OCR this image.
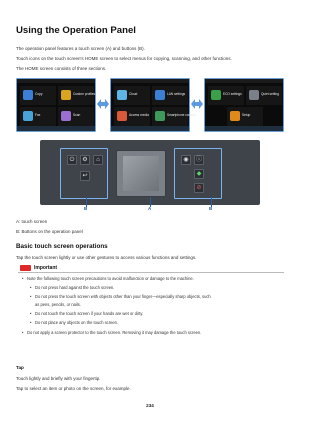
Using the Operation Panel

The operation panel features a touch screen (A) and buttons (B).

Touch icons on the touch screen's HOME screen to select menus for copying, scanning, and other functions.

The HOME screen consists of three sections.

Copy	Custom profiles
Fax	Scan
Cloud	LAN settings
Access media	Smartphone connect
ECO settings	Quiet setting
Setup
⏻ ⚙	⌂
↩
◉ ⓘ
◆
⊘
B	A	B

A: touch screen

B: Buttons on the operation panel

Basic touch screen operations

Tap the touch screen lightly or use other gestures to access various functions and settings.

Important
• Note the following touch screen precautions to avoid malfunction or damage to the machine.
• Do not press hard against the touch screen.
• Do not press the touch screen with objects other than your finger—especially sharp objects, such
as pens, pencils, or nails.
• Do not touch the touch screen if your hands are wet or dirty.
• Do not place any objects on the touch screen.
• Do not apply a screen protector to the touch screen. Removing it may damage the touch screen.
Tap

Touch lightly and briefly with your fingertip.

Tap to select an item or photo on the screen, for example.

234
